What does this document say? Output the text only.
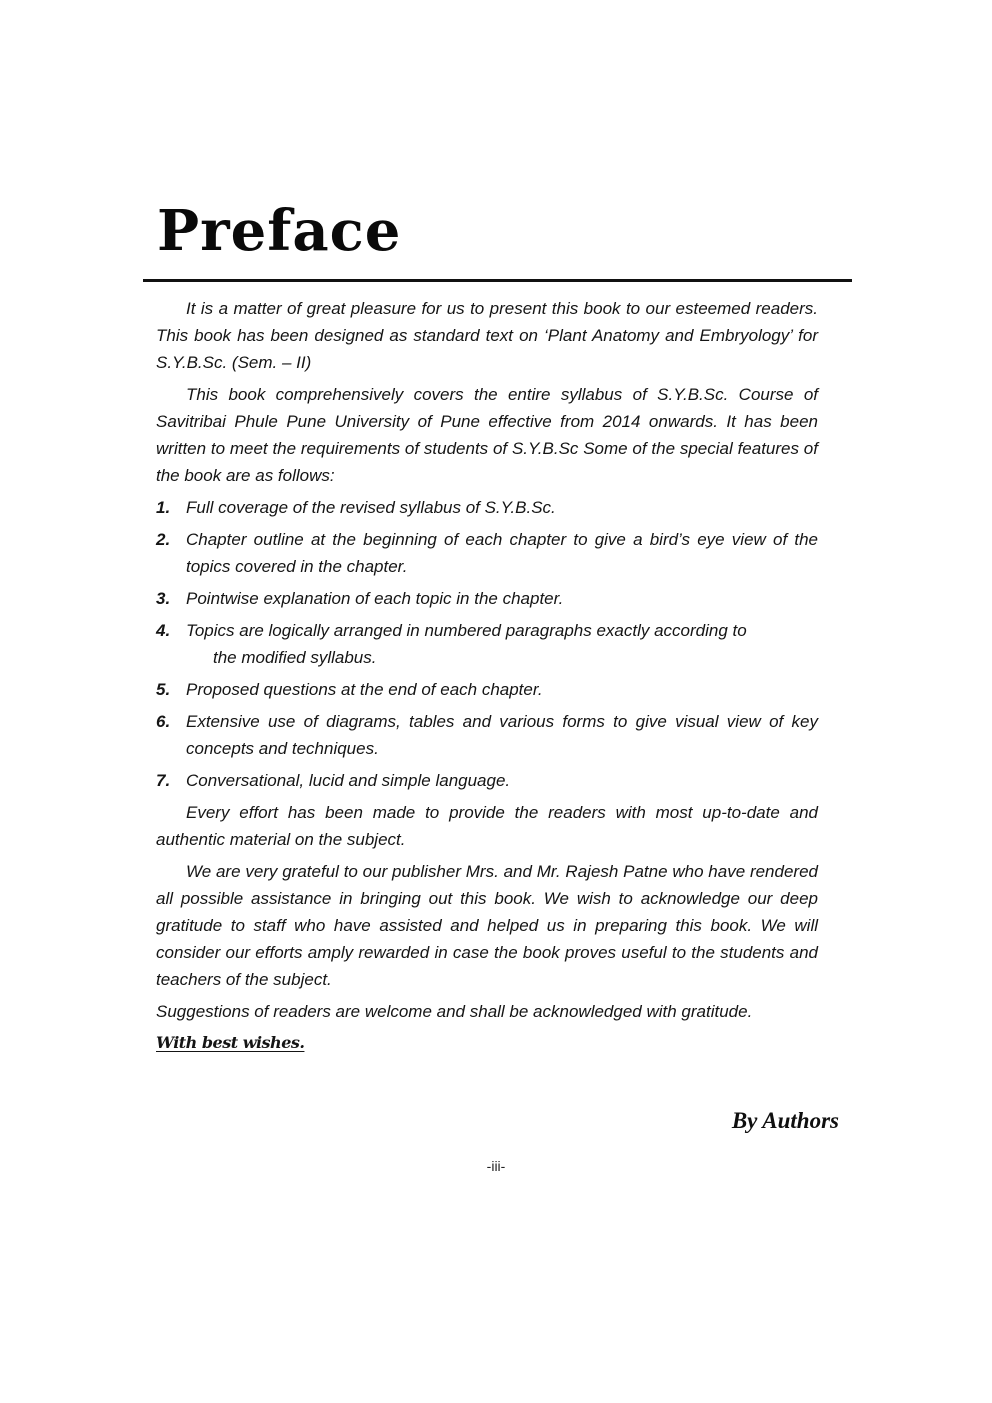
Preface

It is a matter of great pleasure for us to present this book to our esteemed readers. This book has been designed as standard text on ‘Plant Anatomy and Embryology’ for S.Y.B.Sc. (Sem. – II)

This book comprehensively covers the entire syllabus of S.Y.B.Sc. Course of Savitribai Phule Pune University of Pune effective from 2014 onwards. It has been written to meet the requirements of students of S.Y.B.Sc Some of the special features of the book are as follows:

1. Full coverage of the revised syllabus of S.Y.B.Sc.
2. Chapter outline at the beginning of each chapter to give a bird’s eye view of the topics covered in the chapter.
3. Pointwise explanation of each topic in the chapter.
4. Topics are logically arranged in numbered paragraphs exactly according to
the modified syllabus.
5. Proposed questions at the end of each chapter.
6. Extensive use of diagrams, tables and various forms to give visual view of key concepts and techniques.
7. Conversational, lucid and simple language.

Every effort has been made to provide the readers with most up-to-date and authentic material on the subject.

We are very grateful to our publisher Mrs. and Mr. Rajesh Patne who have rendered all possible assistance in bringing out this book. We wish to acknowledge our deep gratitude to staff who have assisted and helped us in preparing this book. We will consider our efforts amply rewarded in case the book proves useful to the students and teachers of the subject.

Suggestions of readers are welcome and shall be acknowledged with gratitude.

With best wishes.

By Authors

-iii-
